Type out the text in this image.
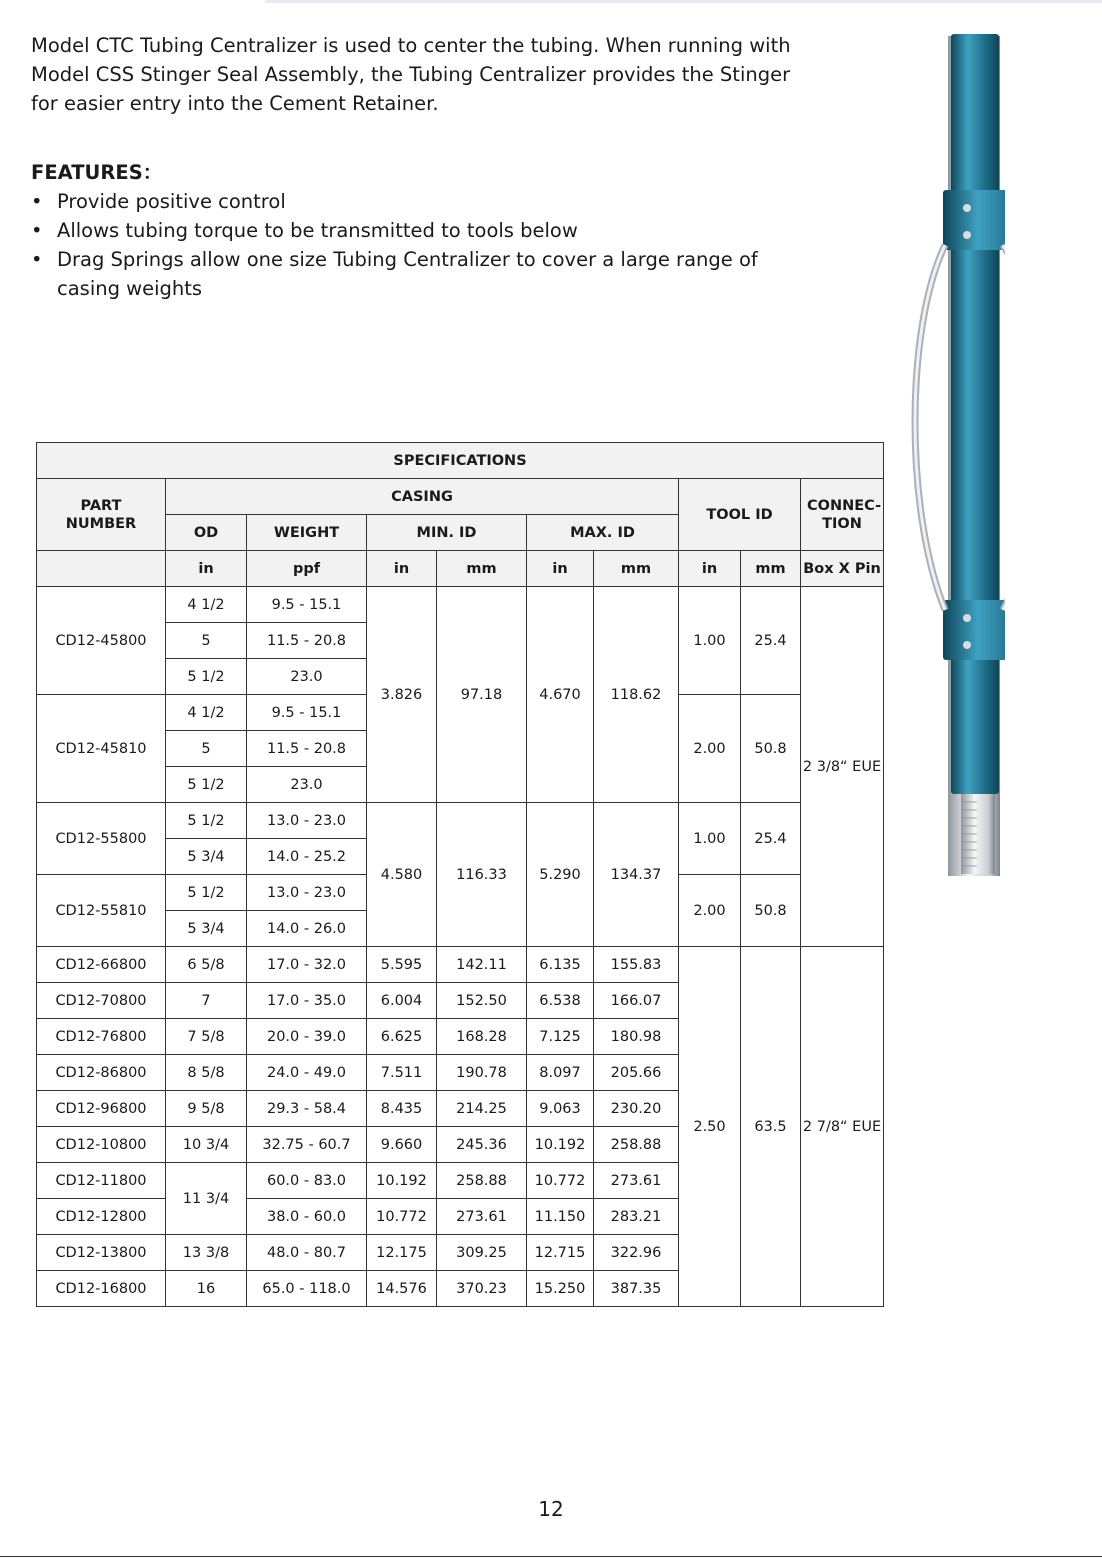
Model CTC Tubing Centralizer is used to center the tubing. When running with Model CSS Stinger Seal Assembly, the Tubing Centralizer provides the Stinger for easier entry into the Cement Retainer.

FEATURES：

• Provide positive control
• Allows tubing torque to be transmitted to tools below
• Drag Springs allow one size Tubing Centralizer to cover a large range of casing weights
SPECIFICATIONS									
PART NUMBER	CASING						TOOL ID		CONNEC-TION
	OD	WEIGHT	MIN. ID		MAX. ID				
	in	ppf	in	mm	in	mm	in	mm	Box X Pin
CD12-45800	4 1/2	9.5 - 15.1	3.826	97.18	4.670	118.62	1.00	25.4	2 3/8“ EUE
	5	11.5 - 20.8							
	5 1/2	23.0							
CD12-45810	4 1/2	9.5 - 15.1					2.00	50.8	
	5	11.5 - 20.8							
	5 1/2	23.0							
CD12-55800	5 1/2	13.0 - 23.0	4.580	116.33	5.290	134.37	1.00	25.4	
	5 3/4	14.0 - 25.2							
CD12-55810	5 1/2	13.0 - 23.0					2.00	50.8	
	5 3/4	14.0 - 26.0							
CD12-66800	6 5/8	17.0 - 32.0	5.595	142.11	6.135	155.83	2.50	63.5	2 7/8“ EUE
CD12-70800	7	17.0 - 35.0	6.004	152.50	6.538	166.07			
CD12-76800	7 5/8	20.0 - 39.0	6.625	168.28	7.125	180.98			
CD12-86800	8 5/8	24.0 - 49.0	7.511	190.78	8.097	205.66			
CD12-96800	9 5/8	29.3 - 58.4	8.435	214.25	9.063	230.20			
CD12-10800	10 3/4	32.75 - 60.7	9.660	245.36	10.192	258.88			
CD12-11800	11 3/4	60.0 - 83.0	10.192	258.88	10.772	273.61			
CD12-12800		38.0 - 60.0	10.772	273.61	11.150	283.21			
CD12-13800	13 3/8	48.0 - 80.7	12.175	309.25	12.715	322.96			
CD12-16800	16	65.0 - 118.0	14.576	370.23	15.250	387.35			
12
